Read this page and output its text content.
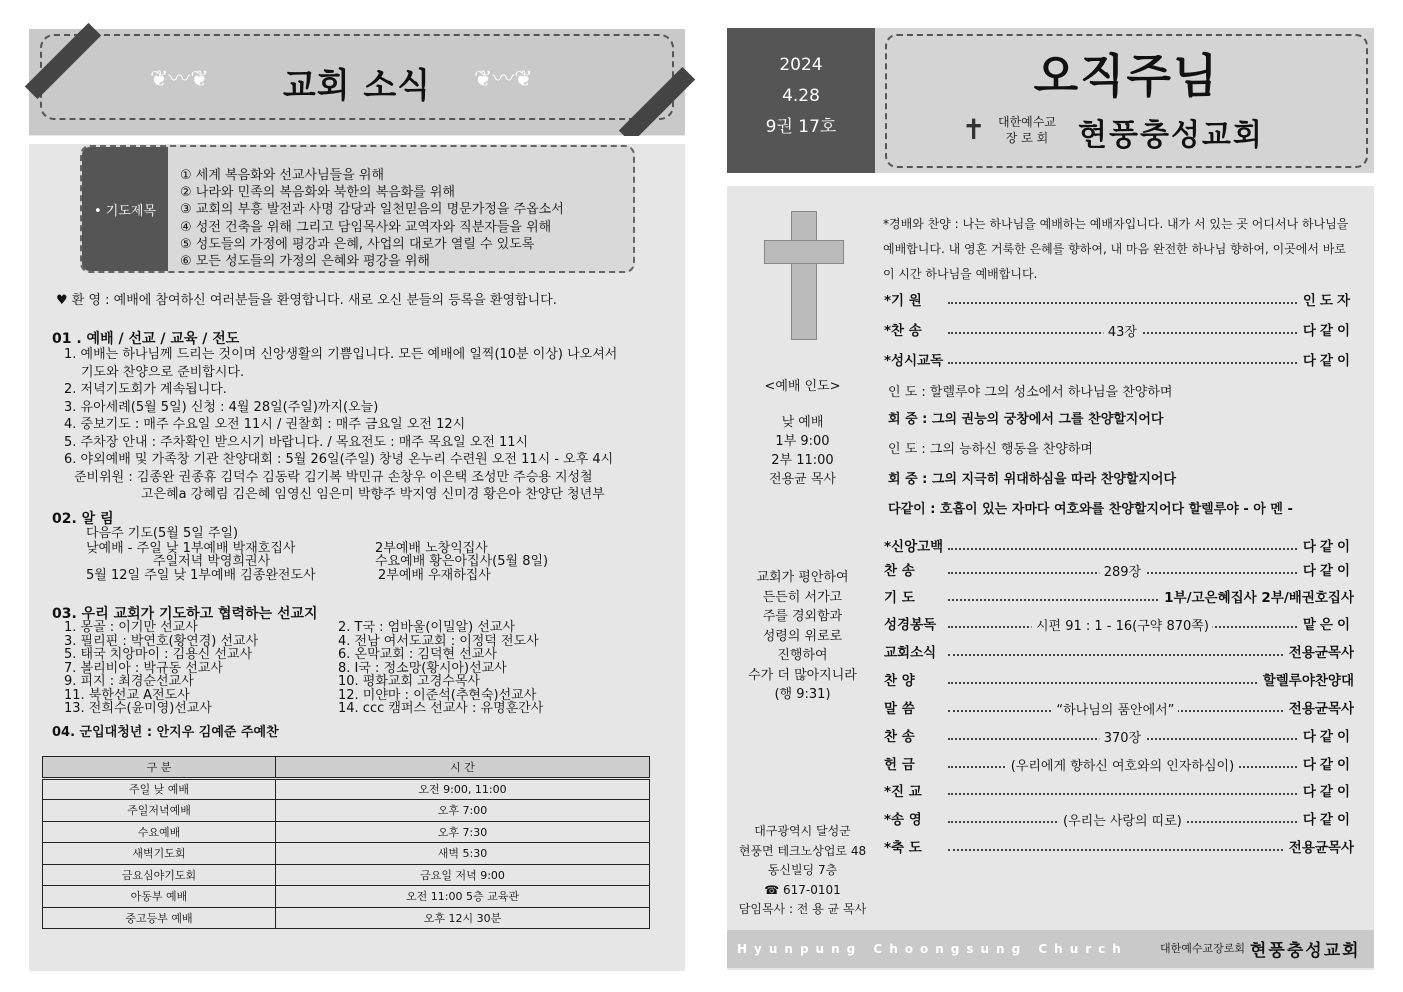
❦〰❦	❦〰❦
교회 소식
• 기도제목
① 세계 복음화와 선교사님들을 위해
② 나라와 민족의 복음화와 북한의 복음화를 위해
③ 교회의 부흥 발전과 사명 감당과 일천믿음의 명문가정을 주옵소서
④ 성전 건축을 위해 그리고 담임목사와 교역자와 직분자들을 위해
⑤ 성도들의 가정에 평강과 은혜, 사업의 대로가 열릴 수 있도록
⑥ 모든 성도들의 가정의 은혜와 평강을 위해
♥ 환 영 : 예배에 참여하신 여러분들을 환영합니다. 새로 오신 분들의 등록을 환영합니다.
01 . 예배 / 선교 / 교육 / 전도
1. 예배는 하나님께 드리는 것이며 신앙생활의 기쁨입니다. 모든 예배에 일찍(10분 이상) 나오셔서
기도와 찬양으로 준비합시다.
2. 저녁기도회가 계속됩니다.
3. 유아세례(5월 5일) 신청 : 4월 28일(주일)까지(오늘)
4. 중보기도 : 매주 수요일 오전 11시 / 권찰회 : 매주 금요일 오전 12시
5. 주차장 안내 : 주차확인 받으시기 바랍니다. / 목요전도 : 매주 목요일 오전 11시
6. 야외예배 및 가족창 기관 찬양대회 : 5월 26일(주일) 창녕 온누리 수련원 오전 11시 - 오후 4시
준비위원 : 김종완 권종휴 김덕수 김동락 김기복 박민규 손창우 이은택 조성만 주승용 지성철
고은혜a 강혜림 김은혜 임영신 임은미 박향주 박지영 신미경 황은아 찬양단 청년부
02. 알 림
다음주 기도(5월 5일 주일)
낮예배 - 주일 낮 1부예배 박재호집사	2부예배 노창익집사
주일저녁 박영희권사	수요예배 황은아집사(5월 8일)
5월 12일 주일 낮 1부예배 김종완전도사	2부예배 우재하집사
03. 우리 교회가 기도하고 협력하는 선교지
1. 몽골 : 이기만 선교사
3. 필리핀 : 박연호(황연경) 선교사
5. 태국 치앙마이 : 김용신 선교사
7. 볼리비아 : 박규동 선교사
9. 피지 : 최경순선교사
11. 북한선교 A전도사
13. 전희수(윤미영)선교사
2. T국 : 엄바울(이밀알) 선교사
4. 전남 여서도교회 : 이정덕 전도사
6. 온막교회 : 김덕현 선교사
8. I국 : 정소망(황시아)선교사
10. 평화교회 고경수목사
12. 미얀마 : 이준석(추현숙)선교사
14. ccc 캠퍼스 선교사 : 유명훈간사
04. 군입대청년 : 안지우 김예준 주예찬
구 분	시 간
주일 낮 예배	오전 9:00, 11:00
주일저녁예배	오후 7:00
수요예배	오후 7:30
새벽기도회	새벽 5:30
금요심야기도회	금요일 저녁 9:00
아동부 예배	오전 11:00 5층 교육관
중고등부 예배	오후 12시 30분
2024
4.28
9권 17호
오직주님
✝ 대한예수교
장 로 회 현풍충성교회
<예배 인도>
낮 예배
1부 9:00
2부 11:00
전용균 목사
교회가 평안하여
든든히 서가고
주를 경외함과
성령의 위로로
진행하여
수가 더 많아지니라
(행 9:31)
대구광역시 달성군
현풍면 테크노상업로 48
동신빌딩 7층
☎ 617-0101
담임목사 : 전 용 균 목사
*경배와 찬양 : 나는 하나님을 예배하는 예배자입니다. 내가 서 있는 곳 어디서나 하나님을 예배합니다. 내 영혼 거룩한 은혜를 향하여, 내 마음 완전한 하나님 향하여, 이곳에서 바로 이 시간 하나님을 예배합니다.
*기 원	인도자
*찬 송	43장	다같이
*성시교독	다같이
인 도 : 할렐루야 그의 성소에서 하나님을 찬양하며
회 중 : 그의 권능의 궁창에서 그를 찬양할지어다
인 도 : 그의 능하신 행동을 찬양하며
회 중 : 그의 지극히 위대하심을 따라 찬양할지어다
다같이 : 호흡이 있는 자마다 여호와를 찬양할지어다 할렐루야 - 아 멘 -
*신앙고백	다같이
찬 송	289장	다같이
기 도	1부/고은혜집사 2부/배권호집사
성경봉독	시편 91 : 1 - 16(구약 870쪽)	맡은이
교회소식	전용균목사
찬 양	할렐루야찬양대
말 씀	“하나님의 품안에서”	전용균목사
찬 송	370장	다같이
헌 금	(우리에게 향하신 여호와의 인자하심이)	다같이
*진 교	다같이
*송 영	(우리는 사랑의 띠로)	다같이
*축 도	전용균목사
Hyunpung Choongsung Church	대한예수교장로회 현풍충성교회
